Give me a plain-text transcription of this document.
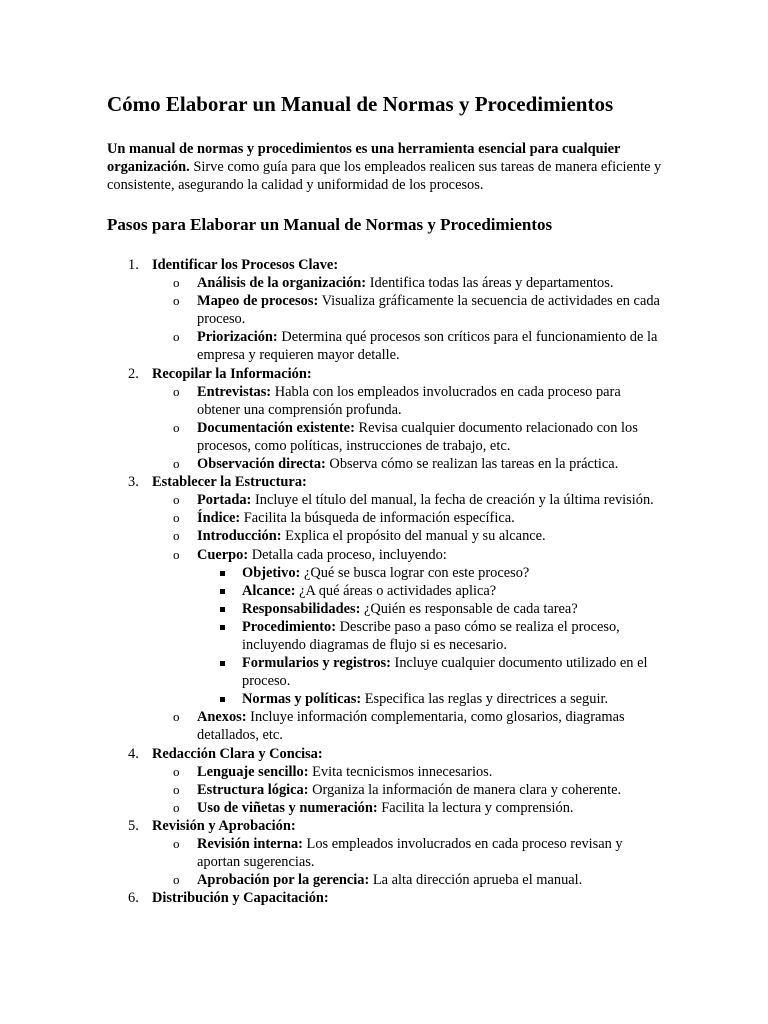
Cómo Elaborar un Manual de Normas y Procedimientos

Un manual de normas y procedimientos es una herramienta esencial para cualquier organización. Sirve como guía para que los empleados realicen sus tareas de manera eficiente y consistente, asegurando la calidad y uniformidad de los procesos.

Pasos para Elaborar un Manual de Normas y Procedimientos
1. Identificar los Procesos Clave:
o Análisis de la organización: Identifica todas las áreas y departamentos.
o Mapeo de procesos: Visualiza gráficamente la secuencia de actividades en cada proceso.
o Priorización: Determina qué procesos son críticos para el funcionamiento de la empresa y requieren mayor detalle.
2. Recopilar la Información:
o Entrevistas: Habla con los empleados involucrados en cada proceso para obtener una comprensión profunda.
o Documentación existente: Revisa cualquier documento relacionado con los procesos, como políticas, instrucciones de trabajo, etc.
o Observación directa: Observa cómo se realizan las tareas en la práctica.
3. Establecer la Estructura:
o Portada: Incluye el título del manual, la fecha de creación y la última revisión.
o Índice: Facilita la búsqueda de información específica.
o Introducción: Explica el propósito del manual y su alcance.
o Cuerpo: Detalla cada proceso, incluyendo:
Objetivo: ¿Qué se busca lograr con este proceso?
Alcance: ¿A qué áreas o actividades aplica?
Responsabilidades: ¿Quién es responsable de cada tarea?
Procedimiento: Describe paso a paso cómo se realiza el proceso, incluyendo diagramas de flujo si es necesario.
Formularios y registros: Incluye cualquier documento utilizado en el proceso.
Normas y políticas: Especifica las reglas y directrices a seguir.
o Anexos: Incluye información complementaria, como glosarios, diagramas detallados, etc.
4. Redacción Clara y Concisa:
o Lenguaje sencillo: Evita tecnicismos innecesarios.
o Estructura lógica: Organiza la información de manera clara y coherente.
o Uso de viñetas y numeración: Facilita la lectura y comprensión.
5. Revisión y Aprobación:
o Revisión interna: Los empleados involucrados en cada proceso revisan y aportan sugerencias.
o Aprobación por la gerencia: La alta dirección aprueba el manual.
6. Distribución y Capacitación:
